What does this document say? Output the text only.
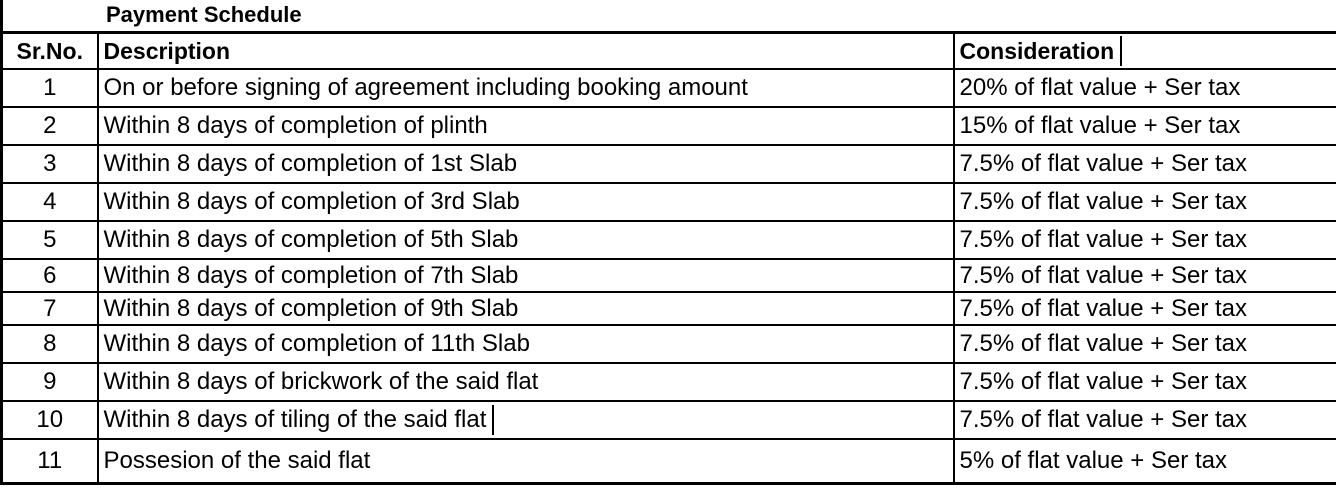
Payment Schedule
Sr.No.	Description	Consideration
1	On or before signing of agreement including booking amount	20% of flat value + Ser tax
2	Within 8 days of completion of plinth	15% of flat value + Ser tax
3	Within 8 days of completion of 1st Slab	7.5% of flat value + Ser tax
4	Within 8 days of completion of 3rd Slab	7.5% of flat value + Ser tax
5	Within 8 days of completion of 5th Slab	7.5% of flat value + Ser tax
6	Within 8 days of completion of 7th Slab	7.5% of flat value + Ser tax
7	Within 8 days of completion of 9th Slab	7.5% of flat value + Ser tax
8	Within 8 days of completion of 11th Slab	7.5% of flat value + Ser tax
9	Within 8 days of brickwork of the said flat	7.5% of flat value + Ser tax
10	Within 8 days of tiling of the said flat	7.5% of flat value + Ser tax
11	Possesion of the said flat	5% of flat value + Ser tax
